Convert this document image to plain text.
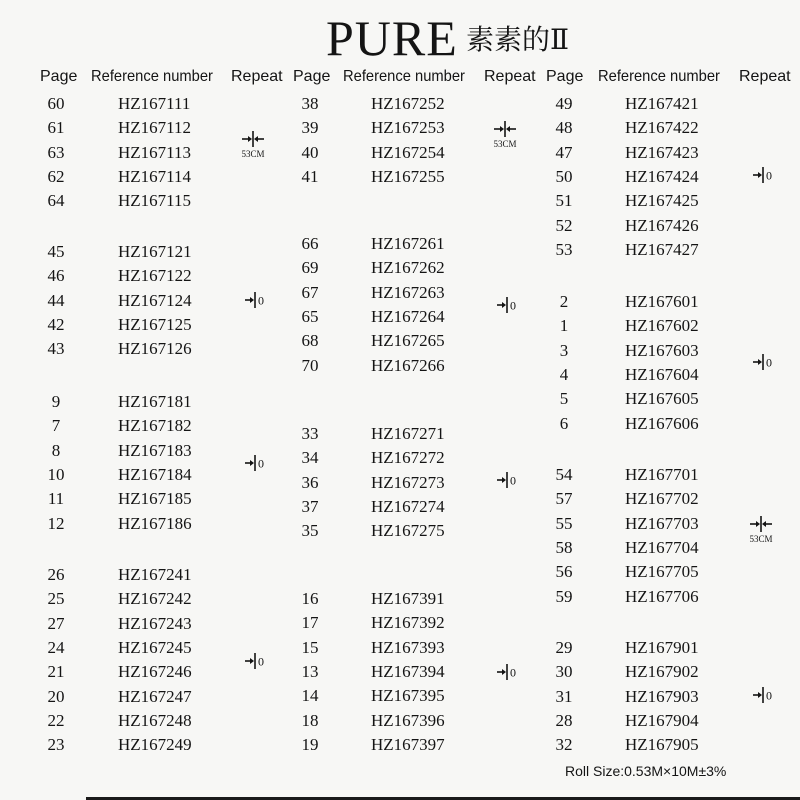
PURE 素素的Ⅱ
Page Reference number Repeat Page Reference number Repeat Page Reference number Repeat
60	HZ167111
61	HZ167112
63	HZ167113
62	HZ167114
64	HZ167115
53CM
45	HZ167121
46	HZ167122
44	HZ167124
42	HZ167125
43	HZ167126
0
9	HZ167181
7	HZ167182
8	HZ167183
10	HZ167184
11	HZ167185
12	HZ167186
0
26	HZ167241
25	HZ167242
27	HZ167243
24	HZ167245
21	HZ167246
20	HZ167247
22	HZ167248
23	HZ167249
0
38	HZ167252
39	HZ167253
40	HZ167254
41	HZ167255
53CM
66	HZ167261
69	HZ167262
67	HZ167263
65	HZ167264
68	HZ167265
70	HZ167266
0
33	HZ167271
34	HZ167272
36	HZ167273
37	HZ167274
35	HZ167275
0
16	HZ167391
17	HZ167392
15	HZ167393
13	HZ167394
14	HZ167395
18	HZ167396
19	HZ167397
0
49	HZ167421
48	HZ167422
47	HZ167423
50	HZ167424
51	HZ167425
52	HZ167426
53	HZ167427
0
2	HZ167601
1	HZ167602
3	HZ167603
4	HZ167604
5	HZ167605
6	HZ167606
0
54	HZ167701
57	HZ167702
55	HZ167703
58	HZ167704
56	HZ167705
59	HZ167706
53CM
29	HZ167901
30	HZ167902
31	HZ167903
28	HZ167904
32	HZ167905
0
Roll Size:0.53M×10M±3%
